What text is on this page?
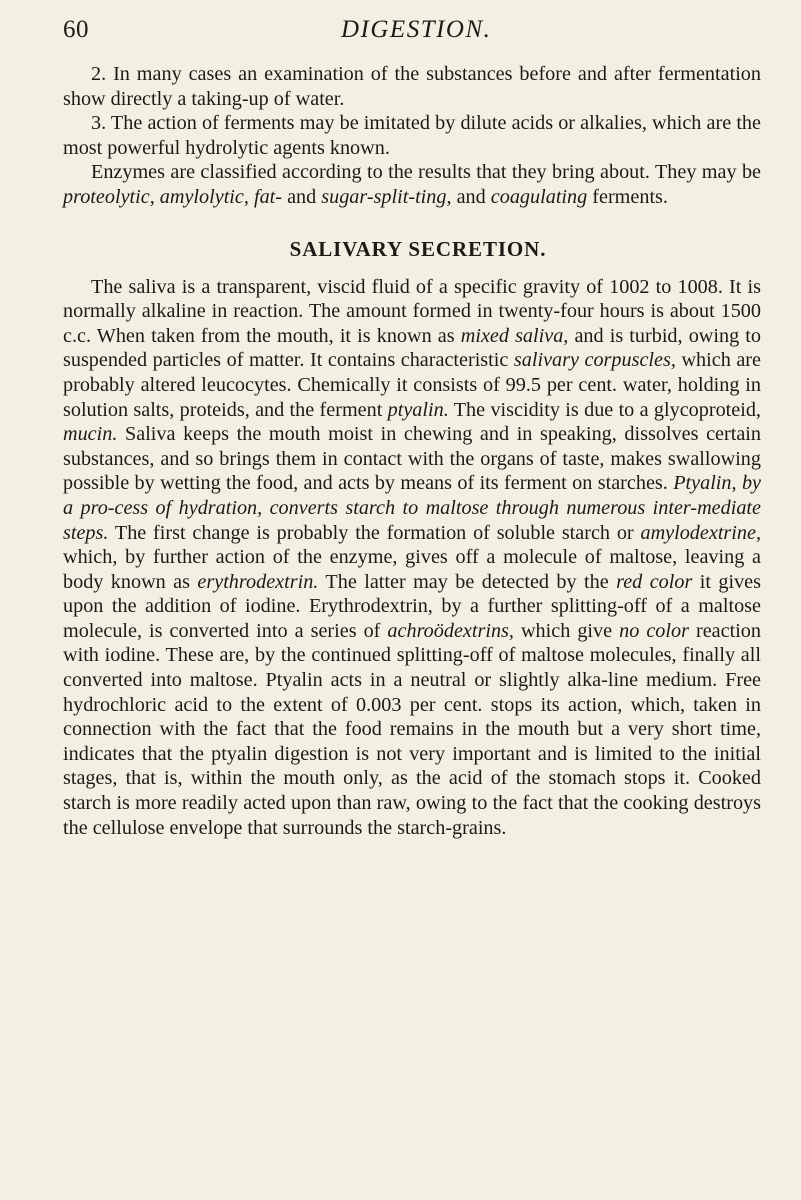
60	DIGESTION.

2. In many cases an examination of the substances before and after fermentation show directly a taking-up of water.

3. The action of ferments may be imitated by dilute acids or alkalies, which are the most powerful hydrolytic agents known.

Enzymes are classified according to the results that they bring about. They may be proteolytic, amylolytic, fat- and sugar-split-ting, and coagulating ferments.

SALIVARY SECRETION.

The saliva is a transparent, viscid fluid of a specific gravity of 1002 to 1008. It is normally alkaline in reaction. The amount formed in twenty-four hours is about 1500 c.c. When taken from the mouth, it is known as mixed saliva, and is turbid, owing to suspended particles of matter. It contains characteristic salivary corpuscles, which are probably altered leucocytes. Chemically it consists of 99.5 per cent. water, holding in solution salts, proteids, and the ferment ptyalin. The viscidity is due to a glycoproteid, mucin. Saliva keeps the mouth moist in chewing and in speaking, dissolves certain substances, and so brings them in contact with the organs of taste, makes swallowing possible by wetting the food, and acts by means of its ferment on starches. Ptyalin, by a pro-cess of hydration, converts starch to maltose through numerous inter-mediate steps. The first change is probably the formation of soluble starch or amylodextrine, which, by further action of the enzyme, gives off a molecule of maltose, leaving a body known as erythrodextrin. The latter may be detected by the red color it gives upon the addition of iodine. Erythrodextrin, by a further splitting-off of a maltose molecule, is converted into a series of achroödextrins, which give no color reaction with iodine. These are, by the continued splitting-off of maltose molecules, finally all converted into maltose. Ptyalin acts in a neutral or slightly alka-line medium. Free hydrochloric acid to the extent of 0.003 per cent. stops its action, which, taken in connection with the fact that the food remains in the mouth but a very short time, indicates that the ptyalin digestion is not very important and is limited to the initial stages, that is, within the mouth only, as the acid of the stomach stops it. Cooked starch is more readily acted upon than raw, owing to the fact that the cooking destroys the cellulose envelope that surrounds the starch-grains.
